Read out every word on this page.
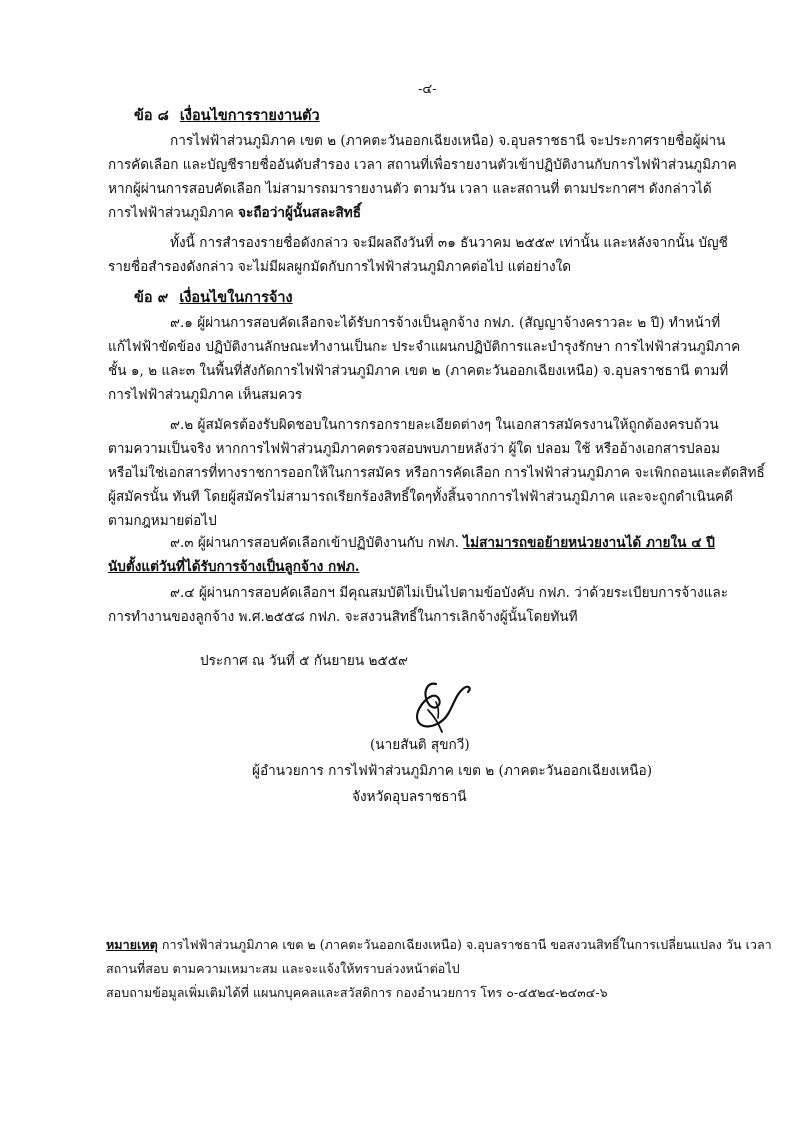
-๔-
ข้อ ๘ เงื่อนไขการรายงานตัว
การไฟฟ้าส่วนภูมิภาค เขต ๒ (ภาคตะวันออกเฉียงเหนือ) จ.อุบลราชธานี จะประกาศรายชื่อผู้ผ่าน
การคัดเลือก และบัญชีรายชื่ออันดับสำรอง เวลา สถานที่เพื่อรายงานตัวเข้าปฏิบัติงานกับการไฟฟ้าส่วนภูมิภาค
หากผู้ผ่านการสอบคัดเลือก ไม่สามารถมารายงานตัว ตามวัน เวลา และสถานที่ ตามประกาศฯ ดังกล่าวได้
การไฟฟ้าส่วนภูมิภาค จะถือว่าผู้นั้นสละสิทธิ์
ทั้งนี้ การสำรองรายชื่อดังกล่าว จะมีผลถึงวันที่ ๓๑ ธันวาคม ๒๕๕๙ เท่านั้น และหลังจากนั้น บัญชี
รายชื่อสำรองดังกล่าว จะไม่มีผลผูกมัดกับการไฟฟ้าส่วนภูมิภาคต่อไป แต่อย่างใด
ข้อ ๙ เงื่อนไขในการจ้าง
๙.๑ ผู้ผ่านการสอบคัดเลือกจะได้รับการจ้างเป็นลูกจ้าง กฟภ. (สัญญาจ้างคราวละ ๒ ปี) ทำหน้าที่
แก้ไฟฟ้าขัดข้อง ปฏิบัติงานลักษณะทำงานเป็นกะ ประจำแผนกปฏิบัติการและบำรุงรักษา การไฟฟ้าส่วนภูมิภาค
ชั้น ๑, ๒ และ๓ ในพื้นที่สังกัดการไฟฟ้าส่วนภูมิภาค เขต ๒ (ภาคตะวันออกเฉียงเหนือ) จ.อุบลราชธานี ตามที่
การไฟฟ้าส่วนภูมิภาค เห็นสมควร
๙.๒ ผู้สมัครต้องรับผิดชอบในการกรอกรายละเอียดต่างๆ ในเอกสารสมัครงานให้ถูกต้องครบถ้วน
ตามความเป็นจริง หากการไฟฟ้าส่วนภูมิภาคตรวจสอบพบภายหลังว่า ผู้ใด ปลอม ใช้ หรืออ้างเอกสารปลอม
หรือไม่ใช่เอกสารที่ทางราชการออกให้ในการสมัคร หรือการคัดเลือก การไฟฟ้าส่วนภูมิภาค จะเพิกถอนและตัดสิทธิ์
ผู้สมัครนั้น ทันที โดยผู้สมัครไม่สามารถเรียกร้องสิทธิ์ใดๆทั้งสิ้นจากการไฟฟ้าส่วนภูมิภาค และจะถูกดำเนินคดี
ตามกฎหมายต่อไป
๙.๓ ผู้ผ่านการสอบคัดเลือกเข้าปฏิบัติงานกับ กฟภ. ไม่สามารถขอย้ายหน่วยงานได้ ภายใน ๔ ปี
นับตั้งแต่วันที่ได้รับการจ้างเป็นลูกจ้าง กฟภ.
๙.๔ ผู้ผ่านการสอบคัดเลือกฯ มีคุณสมบัติไม่เป็นไปตามข้อบังคับ กฟภ. ว่าด้วยระเบียบการจ้างและ
การทำงานของลูกจ้าง พ.ศ.๒๕๕๘ กฟภ. จะสงวนสิทธิ์ในการเลิกจ้างผู้นั้นโดยทันที
ประกาศ ณ วันที่ ๕ กันยายน ๒๕๕๙
(นายสันติ สุขกวี)
ผู้อำนวยการ การไฟฟ้าส่วนภูมิภาค เขต ๒ (ภาคตะวันออกเฉียงเหนือ)
จังหวัดอุบลราชธานี
หมายเหตุ การไฟฟ้าส่วนภูมิภาค เขต ๒ (ภาคตะวันออกเฉียงเหนือ) จ.อุบลราชธานี ขอสงวนสิทธิ์ในการเปลี่ยนแปลง วัน เวลา
สถานที่สอบ ตามความเหมาะสม และจะแจ้งให้ทราบล่วงหน้าต่อไป
สอบถามข้อมูลเพิ่มเติมได้ที่ แผนกบุคคลและสวัสดิการ กองอำนวยการ โทร ๐-๔๕๒๔-๒๔๓๔-๖
